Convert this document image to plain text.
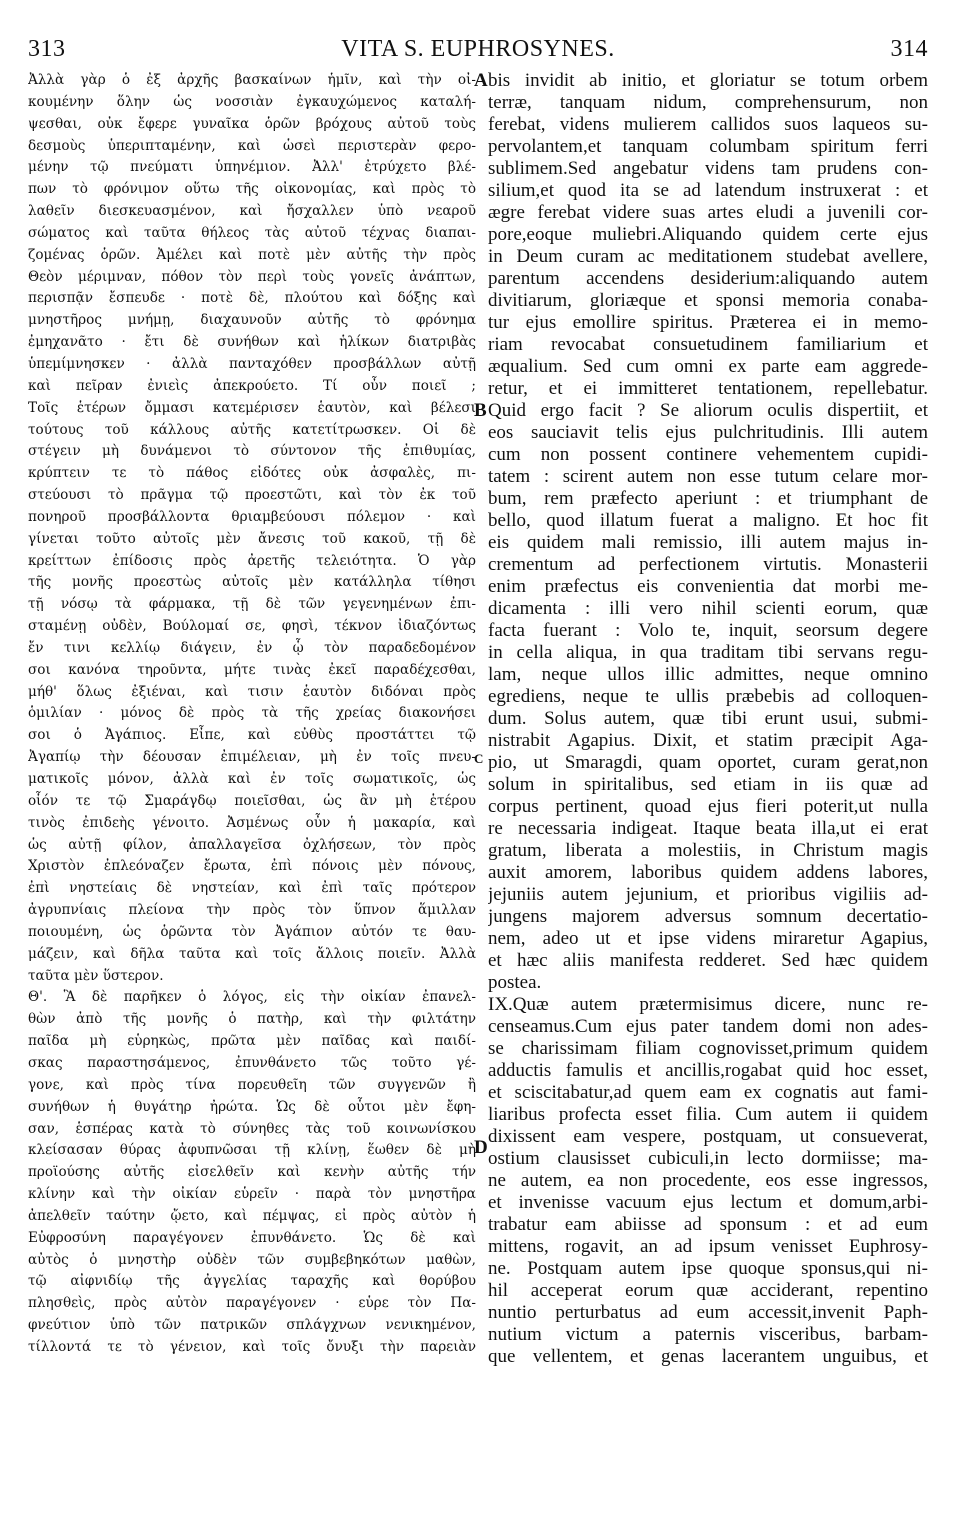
313	VITA S. EUPHROSYNES.	314
Ἀλλὰ γὰρ ὁ ἐξ ἀρχῆς βασκαίνων ἡμῖν, καὶ τὴν οἰ-
κουμένην ὅλην ὡς νοσσιὰν ἐγκαυχώμενος καταλή-
ψεσθαι, οὐκ ἔφερε γυναῖκα ὁρῶν βρόχους αὐτοῦ τοὺς
δεσμοὺς ὑπεριπταμένην, καὶ ὡσεὶ περιστερὰν φερο-
μένην τῷ πνεύματι ὑπηνέμιον. Ἀλλ' ἐτρύχετο βλέ-
πων τὸ φρόνιμον οὕτω τῆς οἰκονομίας, καὶ πρὸς τὸ
λαθεῖν διεσκευασμένον, καὶ ἤσχαλλεν ὑπὸ νεαροῦ
σώματος καὶ ταῦτα θήλεος τὰς αὐτοῦ τέχνας διαπαι-
ζομένας ὁρῶν. Ἀμέλει καὶ ποτὲ μὲν αὐτῆς τὴν πρὸς
Θεὸν μέριμναν, πόθον τὸν περὶ τοὺς γονεῖς ἀνάπτων,
περισπᾷν ἔσπευδε · ποτὲ δὲ, πλούτου καὶ δόξης καὶ
μνηστῆρος μνήμῃ, διαχαυνοῦν αὐτῆς τὸ φρόνημα
ἐμηχανᾶτο · ἔτι δὲ συνήθων καὶ ἡλίκων διατριβὰς
ὑπεμίμνησκεν · ἀλλὰ πανταχόθεν προσβάλλων αὐτῇ
καὶ πεῖραν ἐνιεὶς ἀπεκρούετο. Τί οὖν ποιεῖ ;
Τοῖς ἑτέρων ὄμμασι κατεμέρισεν ἑαυτὸν, καὶ βέλεσι
τούτους τοῦ κάλλους αὐτῆς κατετίτρωσκεν. Οἱ δὲ
στέγειν μὴ δυνάμενοι τὸ σύντονον τῆς ἐπιθυμίας,
κρύπτειν τε τὸ πάθος εἰδότες οὐκ ἀσφαλὲς, πι-
στεύουσι τὸ πρᾶγμα τῷ προεστῶτι, καὶ τὸν ἐκ τοῦ
πονηροῦ προσβάλλοντα θριαμβεύουσι πόλεμον · καὶ
γίνεται τοῦτο αὐτοῖς μὲν ἄνεσις τοῦ κακοῦ, τῇ δὲ
κρείττων ἐπίδοσις πρὸς ἀρετῆς τελειότητα. Ὁ γὰρ
τῆς μονῆς προεστὼς αὐτοῖς μὲν κατάλληλα τίθησι
τῇ νόσῳ τὰ φάρμακα, τῇ δὲ τῶν γεγενημένων ἐπι-
σταμένῃ οὐδὲν, Βούλομαί σε, φησὶ, τέκνον ἰδιαζόντως
ἔν τινι κελλίῳ διάγειν, ἐν ᾧ τὸν παραδεδομένον
σοι κανόνα τηροῦντα, μήτε τινὰς ἐκεῖ παραδέχεσθαι,
μήθ' ὅλως ἐξιέναι, καὶ τισιν ἑαυτὸν διδόναι πρὸς
ὁμιλίαν · μόνος δὲ πρὸς τὰ τῆς χρείας διακονήσει
σοι ὁ Ἀγάπιος. Εἶπε, καὶ εὐθὺς προστάττει τῷ
Ἀγαπίῳ τὴν δέουσαν ἐπιμέλειαν, μὴ ἐν τοῖς πνευ-
ματικοῖς μόνον, ἀλλὰ καὶ ἐν τοῖς σωματικοῖς, ὡς
οἷόν τε τῷ Σμαράγδῳ ποιεῖσθαι, ὡς ἂν μὴ ἑτέρου
τινὸς ἐπιδεὴς γένοιτο. Ἀσμένως οὖν ἡ μακαρία, καὶ
ὡς αὐτῇ φίλον, ἀπαλλαγεῖσα ὀχλήσεων, τὸν πρὸς
Χριστὸν ἐπλεόναζεν ἔρωτα, ἐπὶ πόνοις μὲν πόνους,
ἐπὶ νηστείαις δὲ νηστείαν, καὶ ἐπὶ ταῖς πρότερον
ἀγρυπνίαις πλείονα τὴν πρὸς τὸν ὕπνον ἅμιλλαν
ποιουμένη, ὡς ὁρῶντα τὸν Ἀγάπιον αὐτόν τε θαυ-
μάζειν, καὶ δῆλα ταῦτα καὶ τοῖς ἄλλοις ποιεῖν. Ἀλλὰ
ταῦτα μὲν ὕστερον.
Θ'. Ἃ δὲ παρῆκεν ὁ λόγος, εἰς τὴν οἰκίαν ἐπανελ-
θὼν ἀπὸ τῆς μονῆς ὁ πατὴρ, καὶ τὴν φιλτάτην
παῖδα μὴ εὑρηκὼς, πρῶτα μὲν παῖδας καὶ παιδί-
σκας παραστησάμενος, ἐπυνθάνετο τῶς τοῦτο γέ-
γονε, καὶ πρὸς τίνα πορευθεῖη τῶν συγγενῶν ἢ
συνήθων ἡ θυγάτηρ ἠρώτα. Ὡς δὲ οὗτοι μὲν ἔφη-
σαν, ἑσπέρας κατὰ τὸ σύνηθες τὰς τοῦ κοινωνίσκου
κλείσασαν θύρας ἀφυπνῶσαι τῇ κλίνῃ, ἕωθεν δὲ μὴ
προϊούσης αὐτῆς εἰσελθεῖν καὶ κενὴν αὐτῆς τήν
κλίνην καὶ τὴν οἰκίαν εὑρεῖν · παρὰ τὸν μνηστῆρα
ἀπελθεῖν ταύτην ᾤετο, καὶ πέμψας, εἰ πρὸς αὐτὸν ἡ
Εὐφροσύνη παραγέγονεν ἐπυνθάνετο. Ὡς δὲ καὶ
αὐτὸς ὁ μνηστὴρ οὐδὲν τῶν συμβεβηκότων μαθὼν,
τῷ αἰφνιδίῳ τῆς ἀγγελίας ταραχῆς καὶ θορύβου
πλησθεὶς, πρὸς αὐτὸν παραγέγονεν · εὑρε τὸν Πα-
φνεύτιον ὑπὸ τῶν πατρικῶν σπλάγχνων νενικημένον,
τίλλοντά τε τὸ γένειον, καὶ τοῖς ὄνυξι τὴν παρειὰν
bis invidit ab initio, et gloriatur se totum orbem
terræ, tanquam nidum, comprehensurum, non
ferebat, videns mulierem callidos suos laqueos su-
pervolantem,et tanquam columbam spiritum ferri
sublimem.Sed angebatur videns tam prudens con-
silium,et quod ita se ad latendum instruxerat : et
ægre ferebat videre suas artes eludi a juvenili cor-
pore,eoque muliebri.Aliquando quidem certe ejus
in Deum curam ac meditationem studebat avellere,
parentum accendens desiderium:aliquando autem
divitiarum, gloriæque et sponsi memoria conaba-
tur ejus emollire spiritus. Præterea ei in memo-
riam revocabat consuetudinem familiarium et
æqualium. Sed cum omni ex parte eam aggrede-
retur, et ei immitteret tentationem, repellebatur.
Quid ergo facit ? Se aliorum oculis dispertiit, et
eos sauciavit telis ejus pulchritudinis. Illi autem
cum non possent continere vehementem cupidi-
tatem : scirent autem non esse tutum celare mor-
bum, rem præfecto aperiunt : et triumphant de
bello, quod illatum fuerat a maligno. Et hoc fit
eis quidem mali remissio, illi autem majus in-
crementum ad perfectionem virtutis. Monasterii
enim præfectus eis convenientia dat morbi me-
dicamenta : illi vero nihil scienti eorum, quæ
facta fuerant : Volo te, inquit, seorsum degere
in cella aliqua, in qua traditam tibi servans regu-
lam, neque ullos illic admittes, neque omnino
egrediens, neque te ullis præbebis ad colloquen-
dum. Solus autem, quæ tibi erunt usui, submi-
nistrabit Agapius. Dixit, et statim præcipit Aga-
pio, ut Smaragdi, quam oportet, curam gerat,non
solum in spiritalibus, sed etiam in iis quæ ad
corpus pertinent, quoad ejus fieri poterit,ut nulla
re necessaria indigeat. Itaque beata illa,ut ei erat
gratum, liberata a molestiis, in Christum magis
auxit amorem, laboribus quidem addens labores,
jejuniis autem jejunium, et prioribus vigiliis ad-
jungens majorem adversus somnum decertatio-
nem, adeo ut et ipse videns miraretur Agapius,
et hæc aliis manifesta redderet. Sed hæc quidem
postea.
IX.Quæ autem prætermisimus dicere, nunc re-
censeamus.Cum ejus pater tandem domi non ades-
se charissimam filiam cognovisset,primum quidem
adductis famulis et ancillis,rogabat quid hoc esset,
et sciscitabatur,ad quem eam ex cognatis aut fami-
liaribus profecta esset filia. Cum autem ii quidem
dixissent eam vespere, postquam, ut consueverat,
ostium clausisset cubiculi,in lecto dormiisse; ma-
ne autem, ea non procedente, eos esse ingressos,
et invenisse vacuum ejus lectum et domum,arbi-
trabatur eam abiisse ad sponsum : et ad eum
mittens, rogavit, an ad ipsum venisset Euphrosy-
ne. Postquam autem ipse quoque sponsus,qui ni-
hil acceperat eorum quæ acciderant, repentino
nuntio perturbatus ad eum accessit,invenit Paph-
nutium victum a paternis visceribus, barbam-
que vellentem, et genas lacerantem unguibus, et
A
B
C
D
